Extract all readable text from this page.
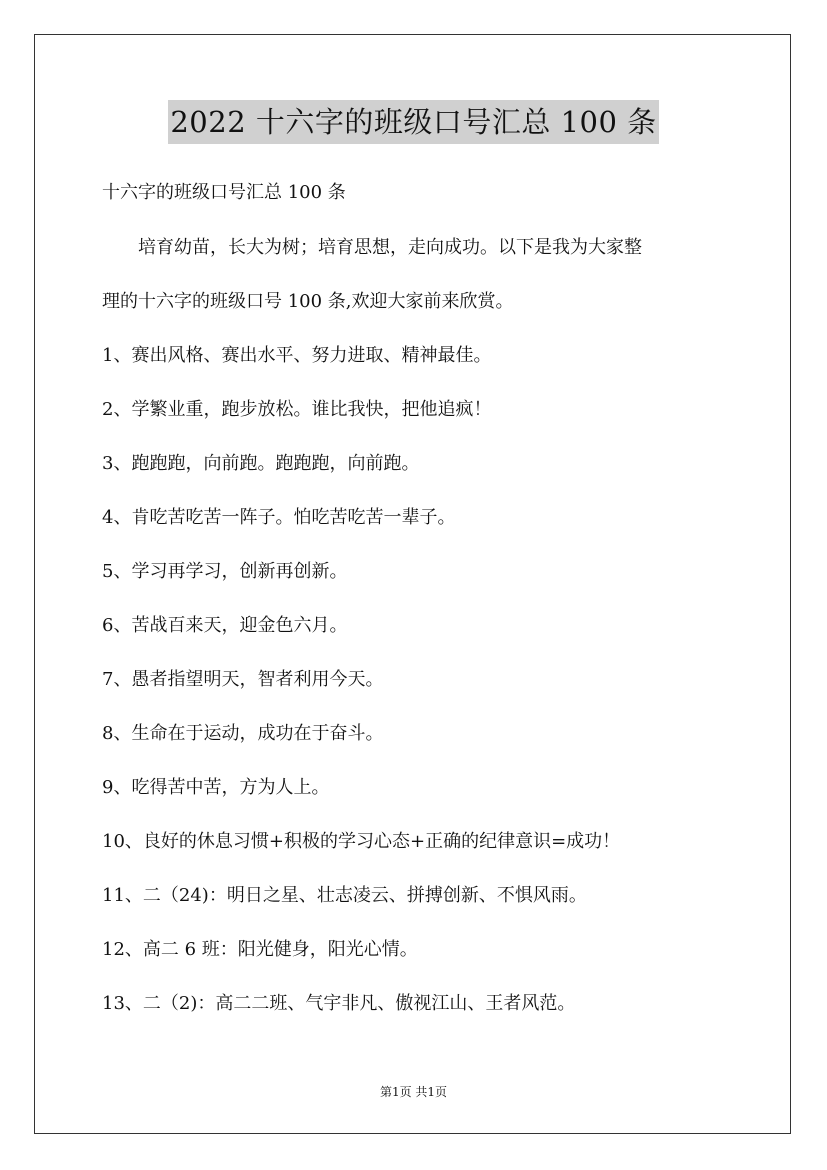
2022 十六字的班级口号汇总 100 条
十六字的班级口号汇总 100 条
培育幼苗，长大为树；培育思想，走向成功。以下是我为大家整
理的十六字的班级口号 100 条,欢迎大家前来欣赏。
1、赛出风格、赛出水平、努力进取、精神最佳。
2、学繁业重，跑步放松。谁比我快，把他追疯！
3、跑跑跑，向前跑。跑跑跑，向前跑。
4、肯吃苦吃苦一阵子。怕吃苦吃苦一辈子。
5、学习再学习，创新再创新。
6、苦战百来天，迎金色六月。
7、愚者指望明天，智者利用今天。
8、生命在于运动，成功在于奋斗。
9、吃得苦中苦，方为人上。
10、良好的休息习惯+积极的学习心态+正确的纪律意识=成功！
11、二（24)：明日之星、壮志凌云、拼搏创新、不惧风雨。
12、高二 6 班：阳光健身，阳光心情。
13、二（2)：高二二班、气宇非凡、傲视江山、王者风范。
第1页 共1页
